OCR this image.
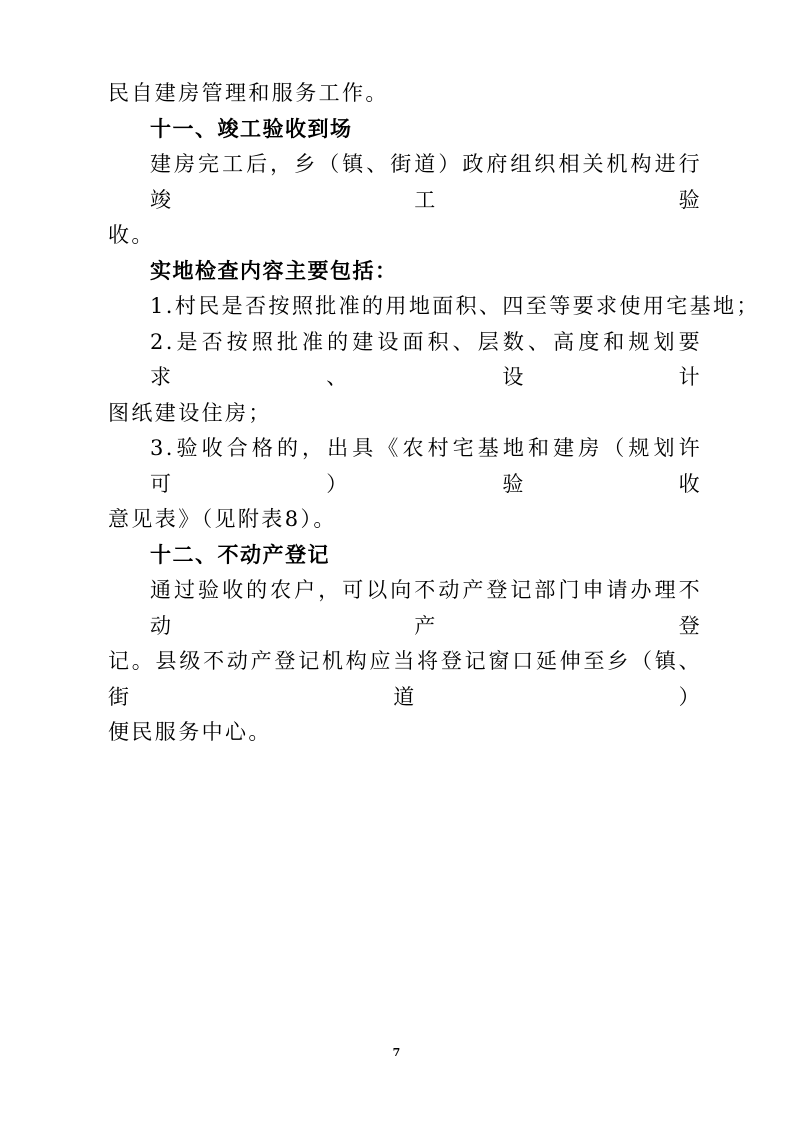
民自建房管理和服务工作。
十一、竣工验收到场
建房完工后，乡（镇、街道）政府组织相关机构进行竣工验
收。
实地检查内容主要包括：
1.村民是否按照批准的用地面积、四至等要求使用宅基地；
2.是否按照批准的建设面积、层数、高度和规划要求、设计
图纸建设住房；
3.验收合格的，出具《农村宅基地和建房（规划许可）验收
意见表》（见附表8）。
十二、不动产登记
通过验收的农户，可以向不动产登记部门申请办理不动产登
记。县级不动产登记机构应当将登记窗口延伸至乡（镇、街道）
便民服务中心。
7
